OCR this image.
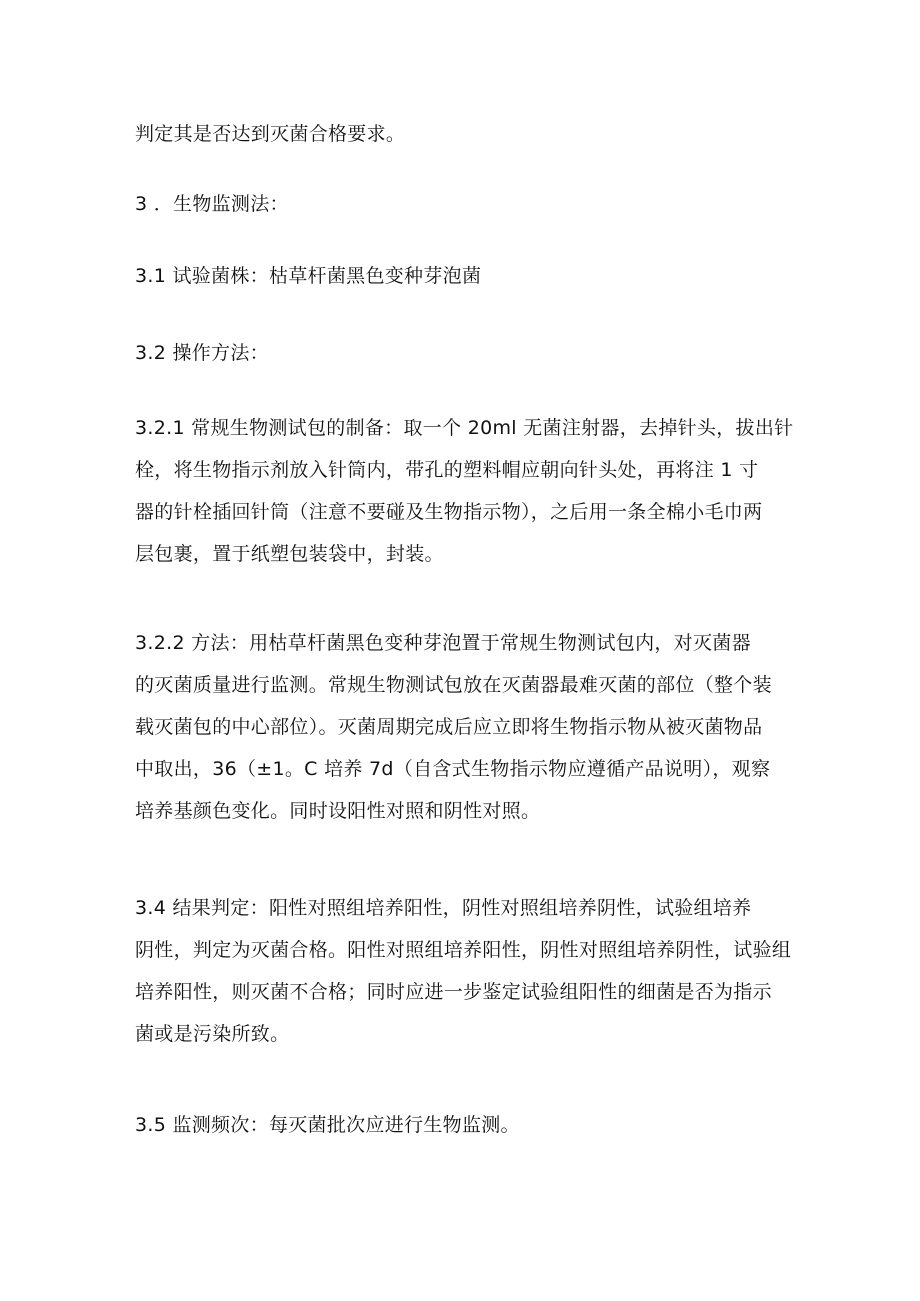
判定其是否达到灭菌合格要求。

3 ．生物监测法：

3.1 试验菌株：枯草杆菌黑色变种芽泡菌

3.2 操作方法：

3.2.1 常规生物测试包的制备：取一个 20ml 无菌注射器，去掉针头，拔出针
栓，将生物指示剂放入针筒内，带孔的塑料帽应朝向针头处，再将注 1 寸
器的针栓插回针筒（注意不要碰及生物指示物），之后用一条全棉小毛巾两
层包裹，置于纸塑包装袋中，封装。

3.2.2 方法：用枯草杆菌黑色变种芽泡置于常规生物测试包内，对灭菌器
的灭菌质量进行监测。常规生物测试包放在灭菌器最难灭菌的部位（整个装
载灭菌包的中心部位）。灭菌周期完成后应立即将生物指示物从被灭菌物品
中取出，36（±1。C 培养 7d（自含式生物指示物应遵循产品说明），观察
培养基颜色变化。同时设阳性对照和阴性对照。

3.4 结果判定：阳性对照组培养阳性，阴性对照组培养阴性，试验组培养
阴性，判定为灭菌合格。阳性对照组培养阳性，阴性对照组培养阴性，试验组
培养阳性，则灭菌不合格；同时应进一步鉴定试验组阳性的细菌是否为指示
菌或是污染所致。

3.5 监测频次：每灭菌批次应进行生物监测。
